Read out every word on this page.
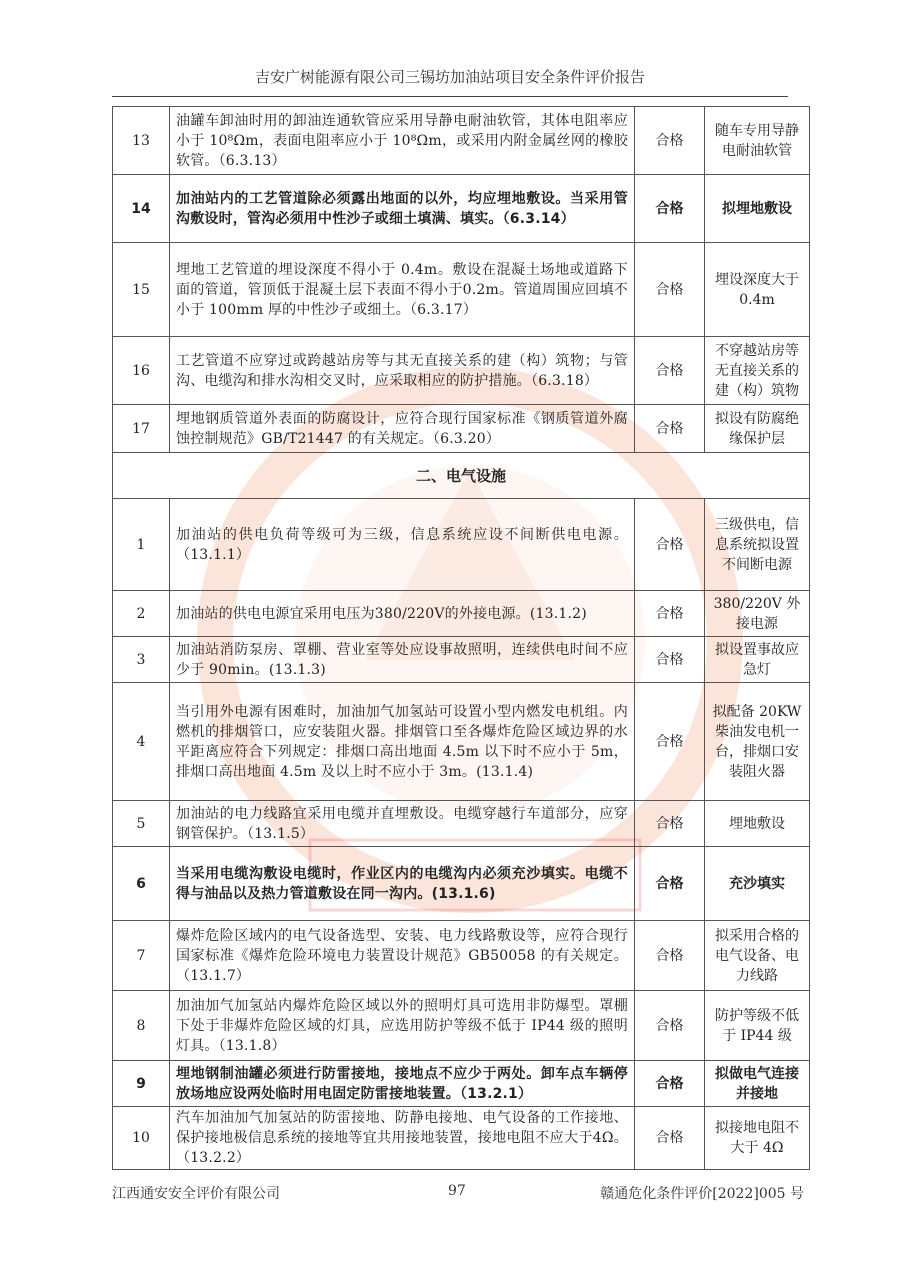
吉安广树能源有限公司三锡坊加油站项目安全条件评价报告
13	油罐车卸油时用的卸油连通软管应采用导静电耐油软管，其体电阻率应小于 10⁸Ωm，表面电阻率应小于 10⁸Ωm，或采用内附金属丝网的橡胶软管。（6.3.13）	合格	随车专用导静电耐油软管
14	加油站内的工艺管道除必须露出地面的以外，均应埋地敷设。当采用管沟敷设时，管沟必须用中性沙子或细土填满、填实。（6.3.14）	合格	拟埋地敷设
15	埋地工艺管道的埋设深度不得小于 0.4m。敷设在混凝土场地或道路下面的管道，管顶低于混凝土层下表面不得小于0.2m。管道周围应回填不小于 100mm 厚的中性沙子或细土。（6.3.17）	合格	埋设深度大于0.4m
16	工艺管道不应穿过或跨越站房等与其无直接关系的建（构）筑物；与管沟、电缆沟和排水沟相交叉时，应采取相应的防护措施。（6.3.18）	合格	不穿越站房等无直接关系的建（构）筑物
17	埋地钢质管道外表面的防腐设计，应符合现行国家标准《钢质管道外腐蚀控制规范》GB/T21447 的有关规定。（6.3.20）	合格	拟设有防腐绝缘保护层
二、电气设施			
1	加油站的供电负荷等级可为三级，信息系统应设不间断供电电源。（13.1.1）	合格	三级供电，信息系统拟设置不间断电源
2	加油站的供电电源宜采用电压为380/220V的外接电源。(13.1.2)	合格	380/220V 外接电源
3	加油站消防泵房、罩棚、营业室等处应设事故照明，连续供电时间不应少于 90min。(13.1.3)	合格	拟设置事故应急灯
4	当引用外电源有困难时，加油加气加氢站可设置小型内燃发电机组。内燃机的排烟管口，应安装阻火器。排烟管口至各爆炸危险区域边界的水平距离应符合下列规定：排烟口高出地面 4.5m 以下时不应小于 5m，排烟口高出地面 4.5m 及以上时不应小于 3m。(13.1.4)	合格	拟配备 20KW 柴油发电机一台，排烟口安装阻火器
5	加油站的电力线路宜采用电缆并直埋敷设。电缆穿越行车道部分，应穿钢管保护。（13.1.5）	合格	埋地敷设
6	当采用电缆沟敷设电缆时，作业区内的电缆沟内必须充沙填实。电缆不得与油品以及热力管道敷设在同一沟内。(13.1.6)	合格	充沙填实
7	爆炸危险区域内的电气设备选型、安装、电力线路敷设等，应符合现行国家标准《爆炸危险环境电力装置设计规范》GB50058 的有关规定。（13.1.7）	合格	拟采用合格的电气设备、电力线路
8	加油加气加氢站内爆炸危险区域以外的照明灯具可选用非防爆型。罩棚下处于非爆炸危险区域的灯具，应选用防护等级不低于 IP44 级的照明灯具。（13.1.8）	合格	防护等级不低于 IP44 级
9	埋地钢制油罐必须进行防雷接地，接地点不应少于两处。卸车点车辆停放场地应设两处临时用电固定防雷接地装置。（13.2.1）	合格	拟做电气连接并接地
10	汽车加油加气加氢站的防雷接地、防静电接地、电气设备的工作接地、保护接地极信息系统的接地等宜共用接地装置，接地电阻不应大于4Ω。（13.2.2）	合格	拟接地电阻不大于 4Ω
江西通安安全评价有限公司	97	赣通危化条件评价[2022]005 号
